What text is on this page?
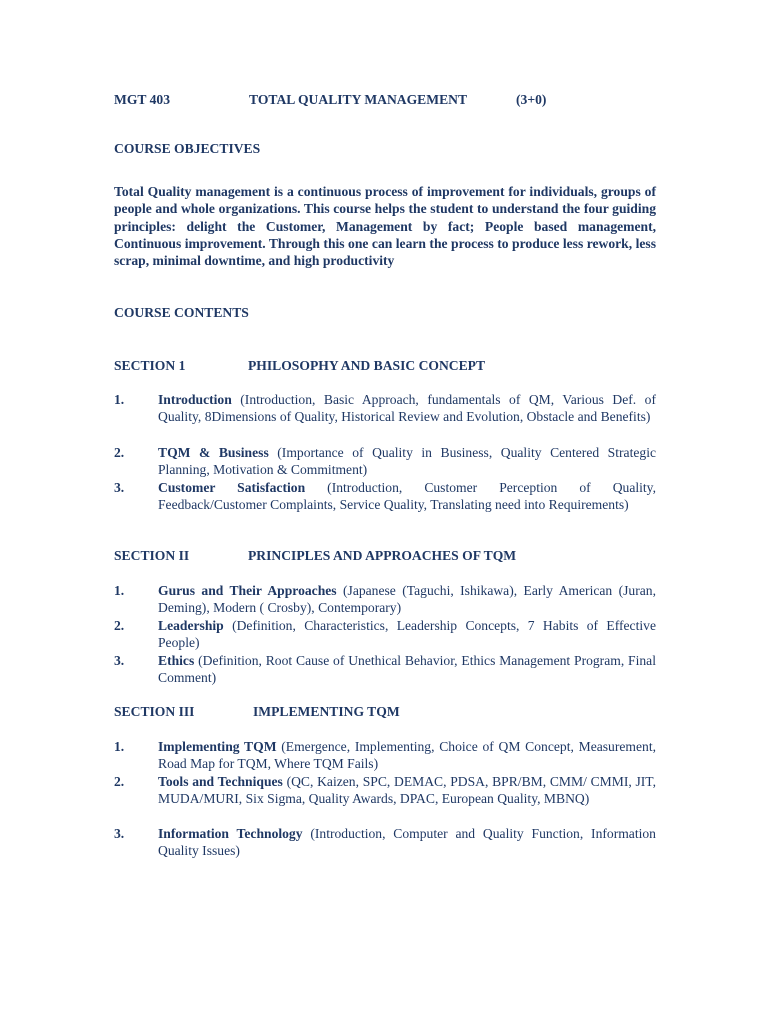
MGT 403	TOTAL QUALITY MANAGEMENT	(3+0)
COURSE OBJECTIVES

Total Quality management is a continuous process of improvement for individuals, groups of people and whole organizations. This course helps the student to understand the four guiding principles: delight the Customer, Management by fact; People based management, Continuous improvement. Through this one can learn the process to produce less rework, less scrap, minimal downtime, and high productivity

COURSE CONTENTS
SECTION 1	PHILOSOPHY AND BASIC CONCEPT
1. Introduction (Introduction, Basic Approach, fundamentals of QM, Various Def. of Quality, 8Dimensions of Quality, Historical Review and Evolution, Obstacle and Benefits)
2. TQM & Business (Importance of Quality in Business, Quality Centered Strategic Planning, Motivation & Commitment)
3. Customer Satisfaction (Introduction, Customer Perception of Quality, Feedback/Customer Complaints, Service Quality, Translating need into Requirements)
SECTION II	PRINCIPLES AND APPROACHES OF TQM
1. Gurus and Their Approaches (Japanese (Taguchi, Ishikawa), Early American (Juran, Deming), Modern ( Crosby), Contemporary)
2. Leadership (Definition, Characteristics, Leadership Concepts, 7 Habits of Effective People)
3. Ethics (Definition, Root Cause of Unethical Behavior, Ethics Management Program, Final Comment)
SECTION III	IMPLEMENTING TQM
1. Implementing TQM (Emergence, Implementing, Choice of QM Concept, Measurement, Road Map for TQM, Where TQM Fails)
2. Tools and Techniques (QC, Kaizen, SPC, DEMAC, PDSA, BPR/BM, CMM/ CMMI, JIT, MUDA/MURI, Six Sigma, Quality Awards, DPAC, European Quality, MBNQ)
3. Information Technology (Introduction, Computer and Quality Function, Information Quality Issues)
